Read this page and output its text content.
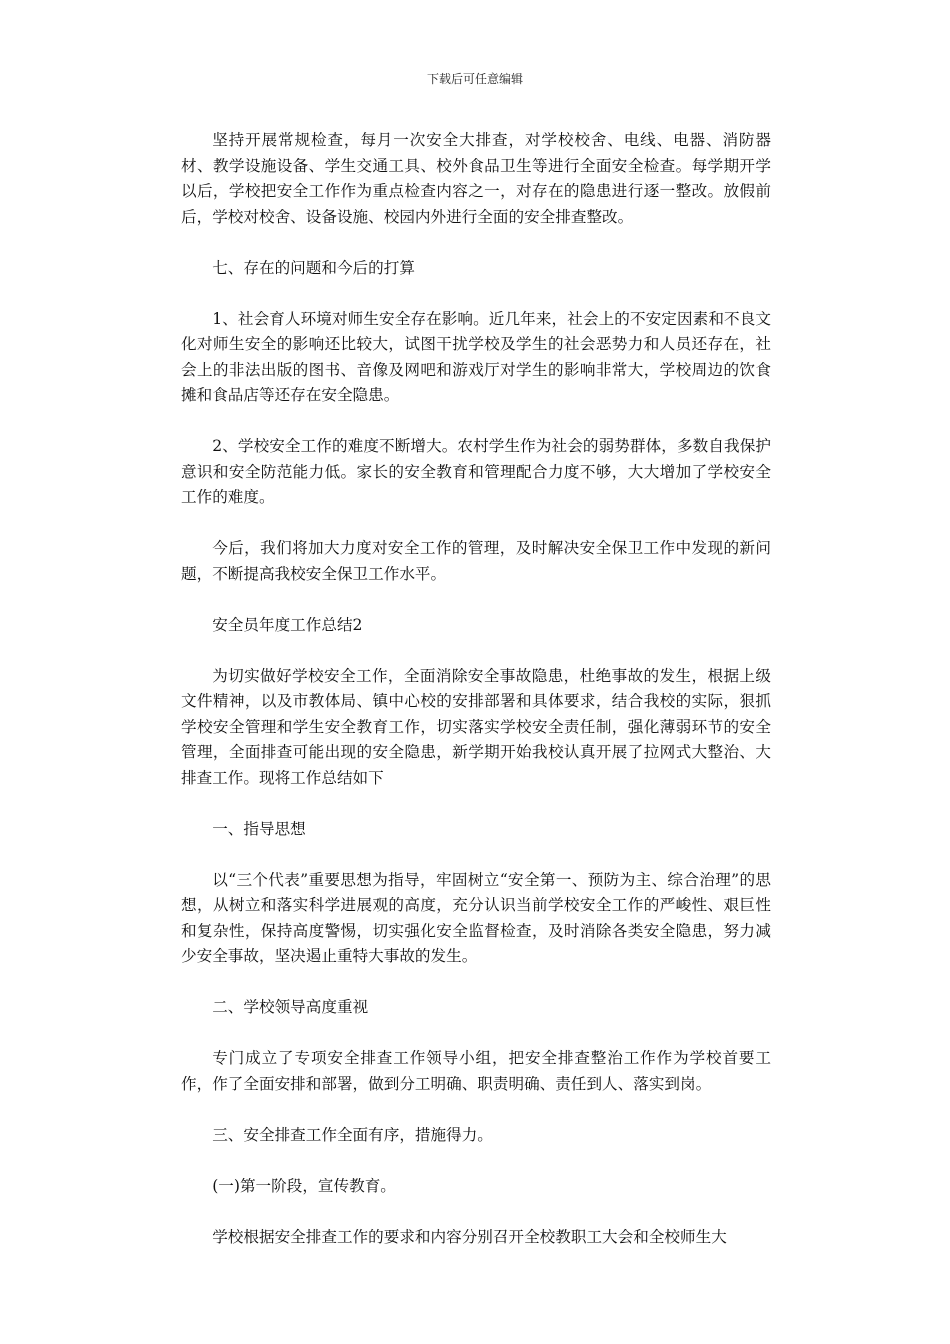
下载后可任意编辑

坚持开展常规检查，每月一次安全大排查，对学校校舍、电线、电器、消防器材、教学设施设备、学生交通工具、校外食品卫生等进行全面安全检查。每学期开学以后，学校把安全工作作为重点检查内容之一，对存在的隐患进行逐一整改。放假前后，学校对校舍、设备设施、校园内外进行全面的安全排查整改。

七、存在的问题和今后的打算

1、社会育人环境对师生安全存在影响。近几年来，社会上的不安定因素和不良文化对师生安全的影响还比较大，试图干扰学校及学生的社会恶势力和人员还存在，社会上的非法出版的图书、音像及网吧和游戏厅对学生的影响非常大，学校周边的饮食摊和食品店等还存在安全隐患。

2、学校安全工作的难度不断增大。农村学生作为社会的弱势群体，多数自我保护意识和安全防范能力低。家长的安全教育和管理配合力度不够，大大增加了学校安全工作的难度。

今后，我们将加大力度对安全工作的管理，及时解决安全保卫工作中发现的新问题，不断提高我校安全保卫工作水平。

安全员年度工作总结2

为切实做好学校安全工作，全面消除安全事故隐患，杜绝事故的发生，根据上级文件精神，以及市教体局、镇中心校的安排部署和具体要求，结合我校的实际，狠抓学校安全管理和学生安全教育工作，切实落实学校安全责任制，强化薄弱环节的安全管理，全面排查可能出现的安全隐患，新学期开始我校认真开展了拉网式大整治、大排查工作。现将工作总结如下

一、指导思想

以“三个代表”重要思想为指导，牢固树立“安全第一、预防为主、综合治理”的思想，从树立和落实科学进展观的高度，充分认识当前学校安全工作的严峻性、艰巨性和复杂性，保持高度警惕，切实强化安全监督检查，及时消除各类安全隐患，努力减少安全事故，坚决遏止重特大事故的发生。

二、学校领导高度重视

专门成立了专项安全排查工作领导小组，把安全排查整治工作作为学校首要工作，作了全面安排和部署，做到分工明确、职责明确、责任到人、落实到岗。

三、安全排查工作全面有序，措施得力。

(一)第一阶段，宣传教育。

学校根据安全排查工作的要求和内容分别召开全校教职工大会和全校师生大
